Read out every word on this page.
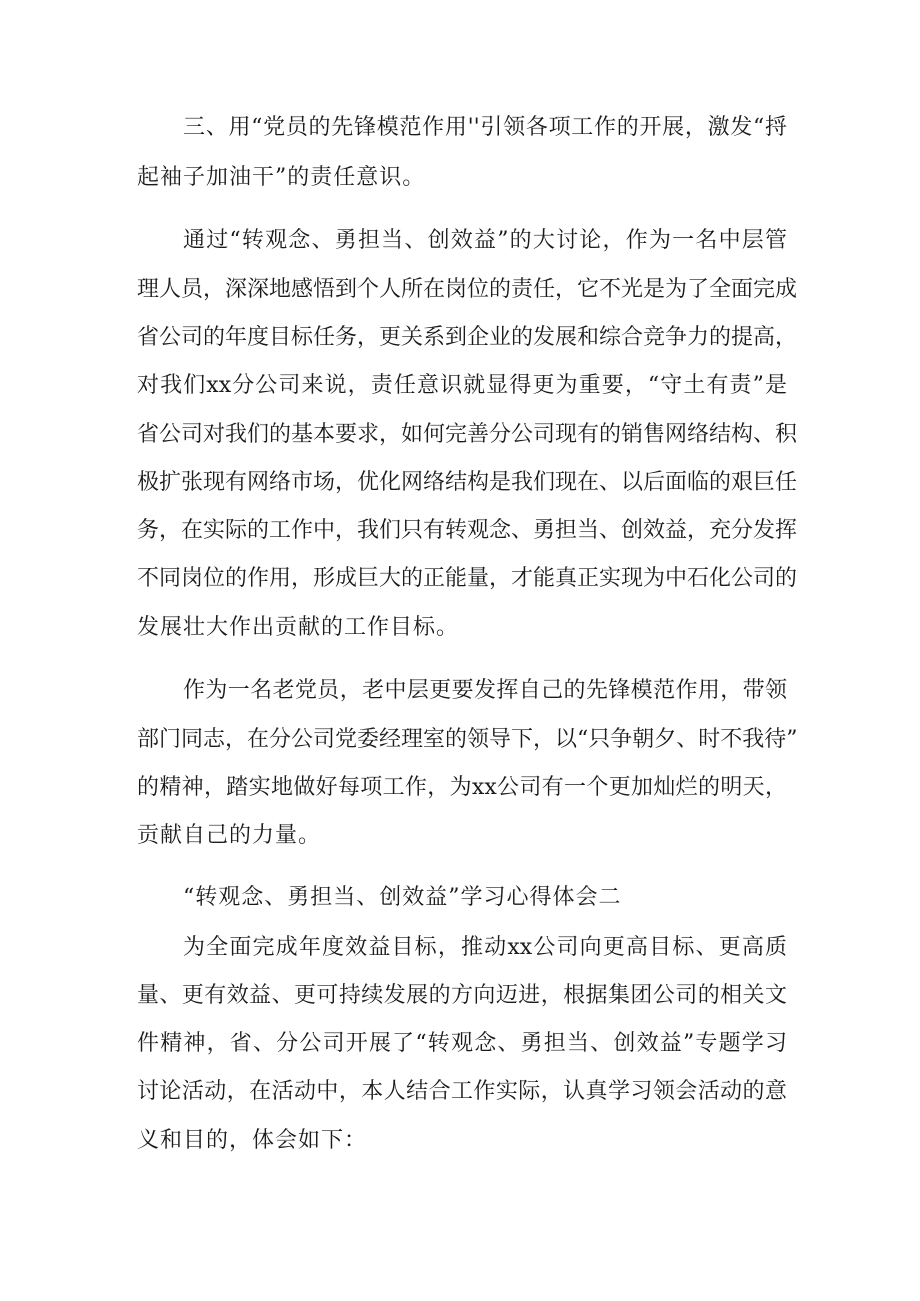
三、用“党员的先锋模范作用''引领各项工作的开展，激发“捋
起袖子加油干”的责任意识。
通过“转观念、勇担当、创效益”的大讨论，作为一名中层管
理人员，深深地感悟到个人所在岗位的责任，它不光是为了全面完成
省公司的年度目标任务，更关系到企业的发展和综合竞争力的提高，
对我们xx分公司来说，责任意识就显得更为重要，“守土有责”是
省公司对我们的基本要求，如何完善分公司现有的销售网络结构、积
极扩张现有网络市场，优化网络结构是我们现在、以后面临的艰巨任
务，在实际的工作中，我们只有转观念、勇担当、创效益，充分发挥
不同岗位的作用，形成巨大的正能量，才能真正实现为中石化公司的
发展壮大作出贡献的工作目标。
作为一名老党员，老中层更要发挥自己的先锋模范作用，带领
部门同志，在分公司党委经理室的领导下，以“只争朝夕、时不我待”
的精神，踏实地做好每项工作，为xx公司有一个更加灿烂的明天，
贡献自己的力量。
“转观念、勇担当、创效益”学习心得体会二
为全面完成年度效益目标，推动xx公司向更高目标、更高质
量、更有效益、更可持续发展的方向迈进，根据集团公司的相关文
件精神，省、分公司开展了“转观念、勇担当、创效益”专题学习
讨论活动，在活动中，本人结合工作实际，认真学习领会活动的意
义和目的，体会如下：
